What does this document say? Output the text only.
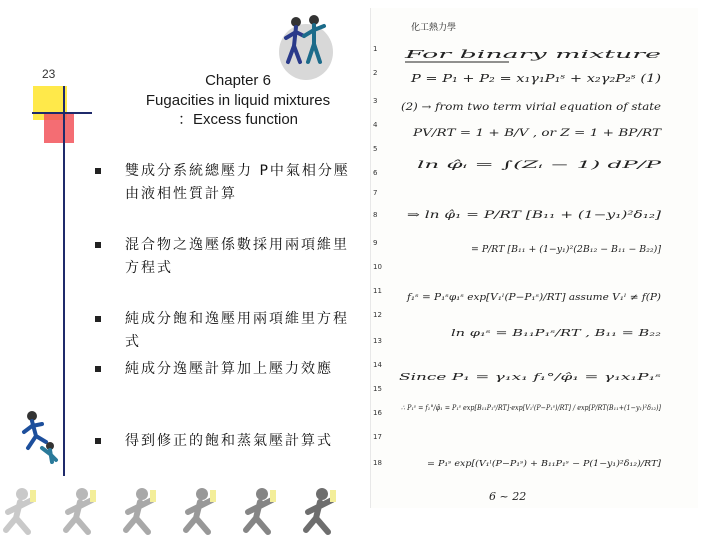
23	Chapter 6
Fugacities in liquid mixtures
：Excess function
雙成分系統總壓力 P中氣相分壓由液相性質計算
混合物之逸壓係數採用兩項維里方程式
純成分飽和逸壓用兩項維里方程式
純成分逸壓計算加上壓力效應
得到修正的飽和蒸氣壓計算式
化工熱力學
1
2
3
4
5
6
7
8
9
10
11
12
13
14
15
16
17
18
For binary mixture
P = P₁ + P₂ = x₁γ₁P₁ˢ + x₂γ₂P₂ˢ (1)
(2) → from two term virial equation of state
PV/RT = 1 + B/V , or Z = 1 + BP/RT
ln φ̂ᵢ = ∫(Zᵢ − 1) dP/P
⇒ ln φ̂₁ = P/RT [B₁₁ + (1−y₁)²δ₁₂]
= P/RT [B₁₁ + (1−y₁)²(2B₁₂ − B₁₁ − B₂₂)]
f₁ˢ = P₁ˢφ₁ˢ exp[V₁ˡ(P−P₁ˢ)/RT] assume V₁ˡ ≠ f(P)
ln φ₁ˢ = B₁₁P₁ˢ/RT , B₁₁ = B₂₂
Since P₁ = γ₁x₁ f₁°/φ̂₁ = γ₁x₁P₁ˢ
∴ P₁ˢ = f₁°/φ̂₁ = P₁ˢ exp[B₁₁P₁ˢ/RT]·exp[V₁ˡ(P−P₁ˢ)/RT] / exp[P/RT(B₁₁+(1−y₁)²δ₁₂)]
= P₁ˢ exp[(V₁ˡ(P−P₁ˢ) + B₁₁P₁ˢ − P(1−y₁)²δ₁₂)/RT]
6 ~ 22
